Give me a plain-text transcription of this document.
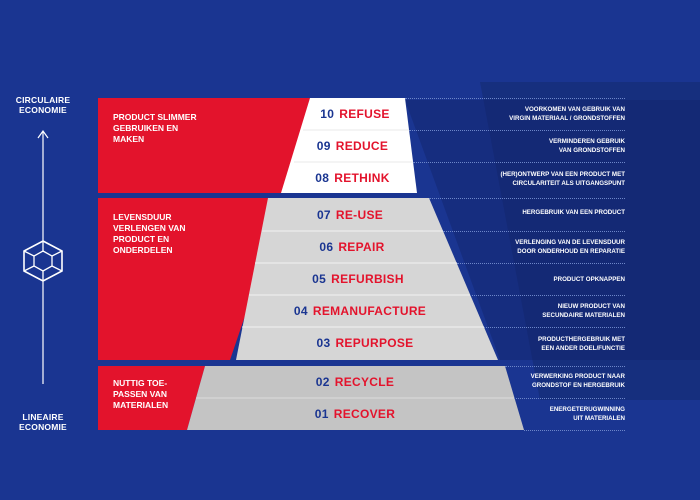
CIRCULAIRE
ECONOMIE
LINEAIRE
ECONOMIE
PRODUCT SLIMMER
GEBRUIKEN EN
MAKEN
LEVENSDUUR
VERLENGEN VAN
PRODUCT EN
ONDERDELEN
NUTTIG TOE-
PASSEN VAN
MATERIALEN
10 REFUSE
09 REDUCE
08 RETHINK
07 RE-USE
06 REPAIR
05 REFURBISH
04 REMANUFACTURE
03 REPURPOSE
02 RECYCLE
01 RECOVER
VOORKOMEN VAN GEBRUIK VAN
VIRGIN MATERIAAL / GRONDSTOFFEN
VERMINDEREN GEBRUIK
VAN GRONDSTOFFEN
(HER)ONTWERP VAN EEN PRODUCT MET
CIRCULARITEIT ALS UITGANGSPUNT
HERGEBRUIK VAN EEN PRODUCT
VERLENGING VAN DE LEVENSDUUR
DOOR ONDERHOUD EN REPARATIE
PRODUCT OPKNAPPEN
NIEUW PRODUCT VAN
SECUNDAIRE MATERIALEN
PRODUCTHERGEBRUIK MET
EEN ANDER DOEL/FUNCTIE
VERWERKING PRODUCT NAAR
GRONDSTOF EN HERGEBRUIK
ENERGETERUGWINNING
UIT MATERIALEN
